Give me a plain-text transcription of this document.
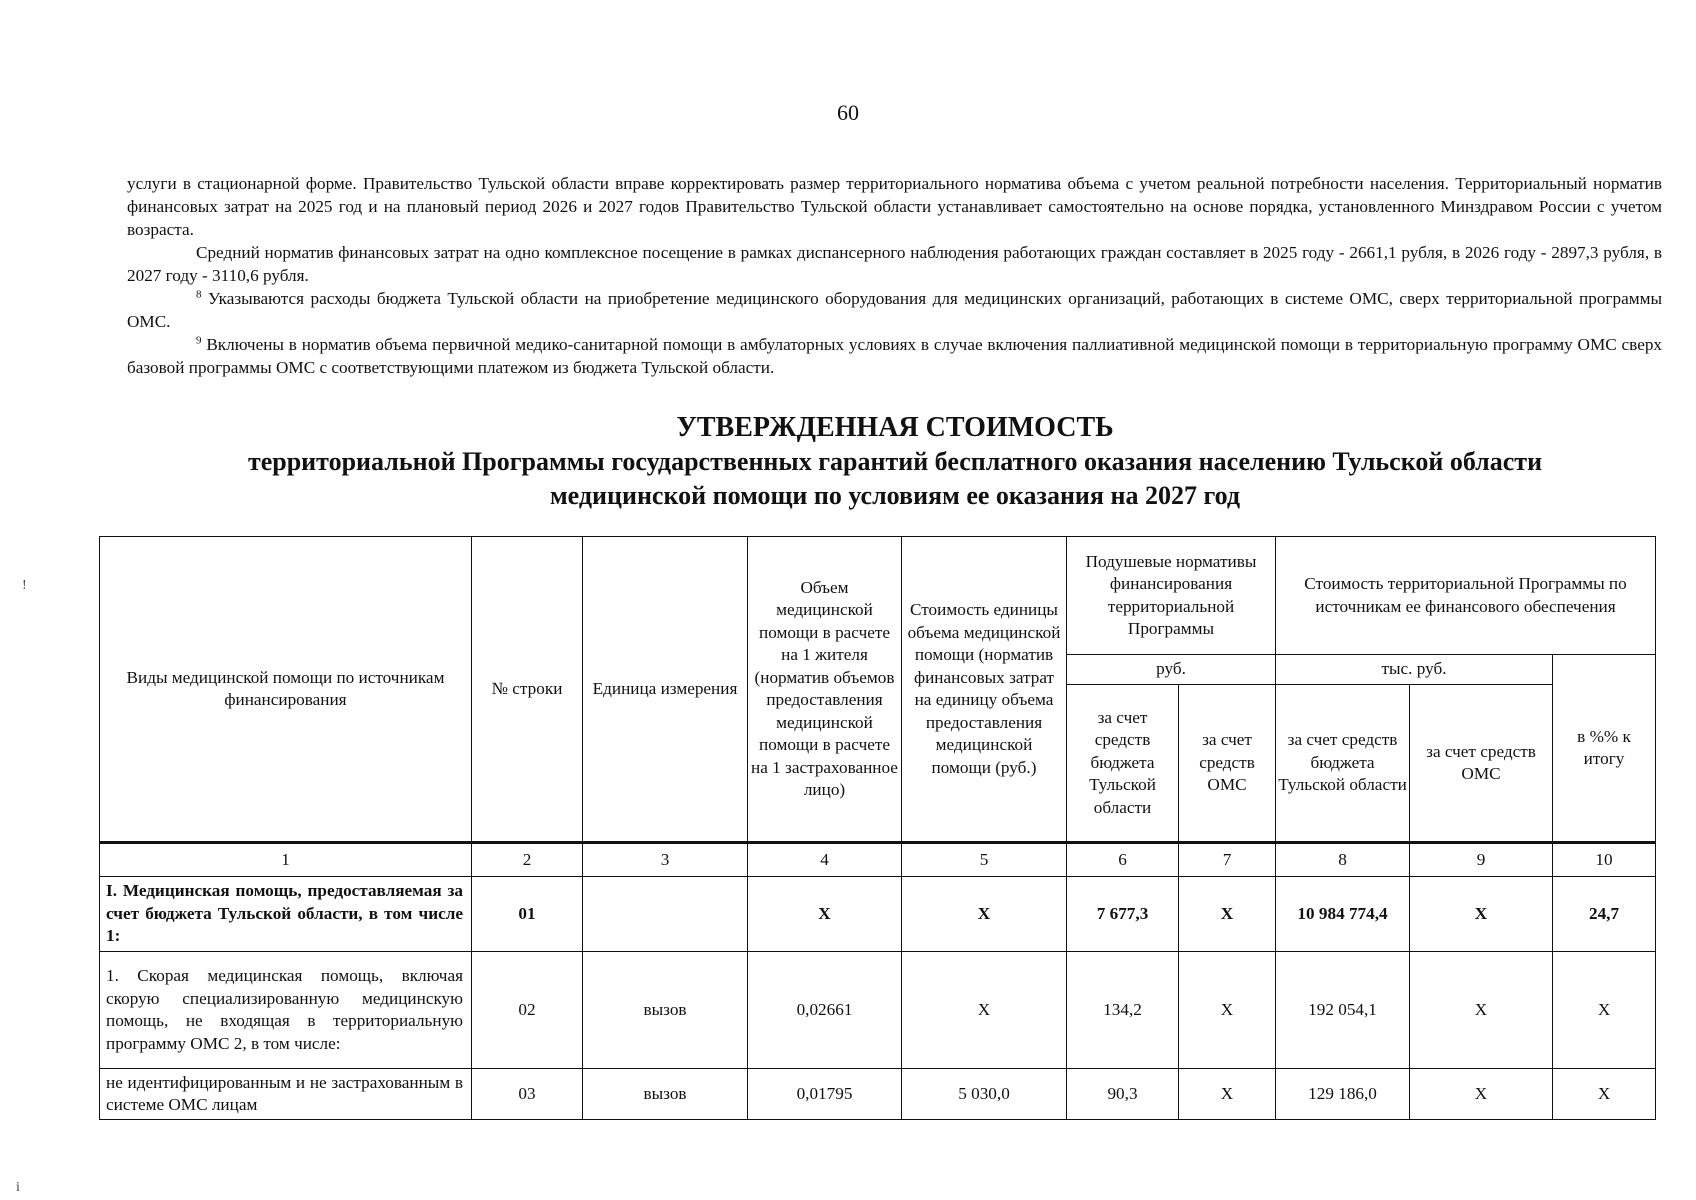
60

услуги в стационарной форме. Правительство Тульской области вправе корректировать размер территориального норматива объема с учетом реальной потребности населения. Территориальный норматив финансовых затрат на 2025 год и на плановый период 2026 и 2027 годов Правительство Тульской области устанавливает самостоятельно на основе порядка, установленного Минздравом России с учетом возраста.

Средний норматив финансовых затрат на одно комплексное посещение в рамках диспансерного наблюдения работающих граждан составляет в 2025 году - 2661,1 рубля, в 2026 году - 2897,3 рубля, в 2027 году - 3110,6 рубля.

$^8$ Указываются расходы бюджета Тульской области на приобретение медицинского оборудования для медицинских организаций, работающих в системе ОМС, сверх территориальной программы ОМС.

$^9$ Включены в норматив объема первичной медико-санитарной помощи в амбулаторных условиях в случае включения паллиативной медицинской помощи в территориальную программу ОМС сверх базовой программы ОМС с соответствующими платежом из бюджета Тульской области.

УТВЕРЖДЕННАЯ СТОИМОСТЬ
территориальной Программы государственных гарантий бесплатного оказания населению Тульской области
медицинской помощи по условиям ее оказания на 2027 год
!
i
Виды медицинской помощи по источникам финансирования	№ строки	Единица измерения	Объем медицинской помощи в расчете на 1 жителя (норматив объемов предоставления медицинской помощи в расчете на 1 застрахованное лицо)	Стоимость единицы объема медицинской помощи (норматив финансовых затрат на единицу объема предоставления медицинской помощи (руб.)	Подушевые нормативы финансирования территориальной Программы		Стоимость территориальной Программы по источникам ее финансового обеспечения		
					руб.		тыс. руб.		в %% к итогу
					за счет средств бюджета Тульской области	за счет средств ОМС	за счет средств бюджета Тульской области	за счет средств ОМС	
1	2	3	4	5	6	7	8	9	10
I. Медицинская помощь, предоставляемая за счет бюджета Тульской области, в том числе 1:	01		X	X	7 677,3	X	10 984 774,4	X	24,7
1. Скорая медицинская помощь, включая скорую специализированную медицинскую помощь, не входящая в территориальную программу ОМС 2, в том числе:	02	вызов	0,02661	X	134,2	X	192 054,1	X	X
не идентифицированным и не застрахованным в системе ОМС лицам	03	вызов	0,01795	5 030,0	90,3	X	129 186,0	X	X
